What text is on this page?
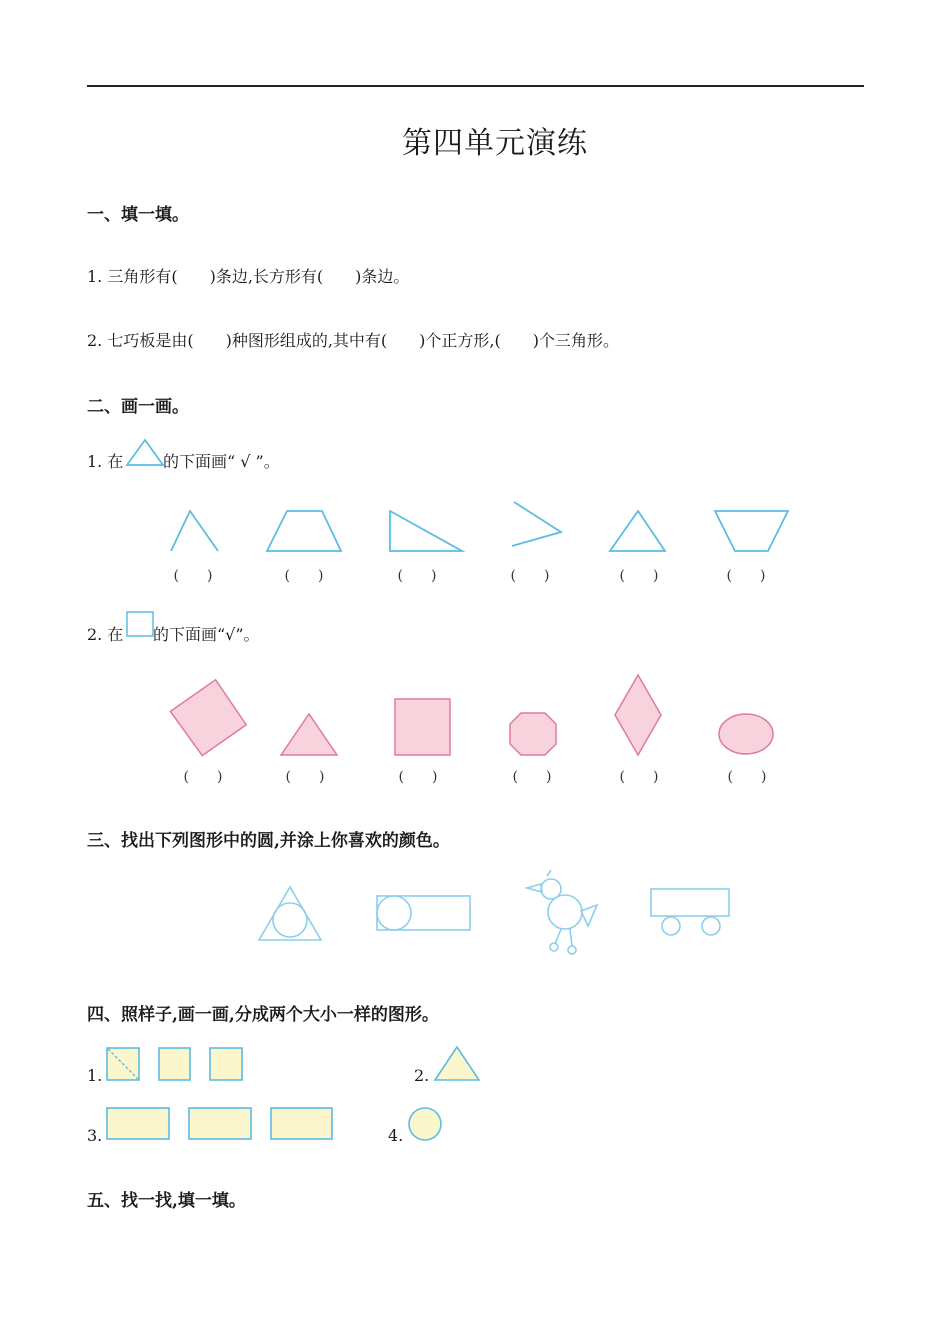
第四单元演练
一、填一填。
1. 三角形有(　　)条边,长方形有(　　)条边。
2. 七巧板是由(　　)种图形组成的,其中有(　　)个正方形,(　　)个三角形。
二、画一画。
1. 在 的下面画“ √ ”。
2. 在 的下面画“√”。
(　　)	(　　)	(　　)	(　　)	(　　)	(　　)
(　　)	(　　)	(　　)	(　　)	(　　)	(　　)
三、找出下列图形中的圆,并涂上你喜欢的颜色。
四、照样子,画一画,分成两个大小一样的图形。
1.	2.
3.	4.
五、找一找,填一填。
